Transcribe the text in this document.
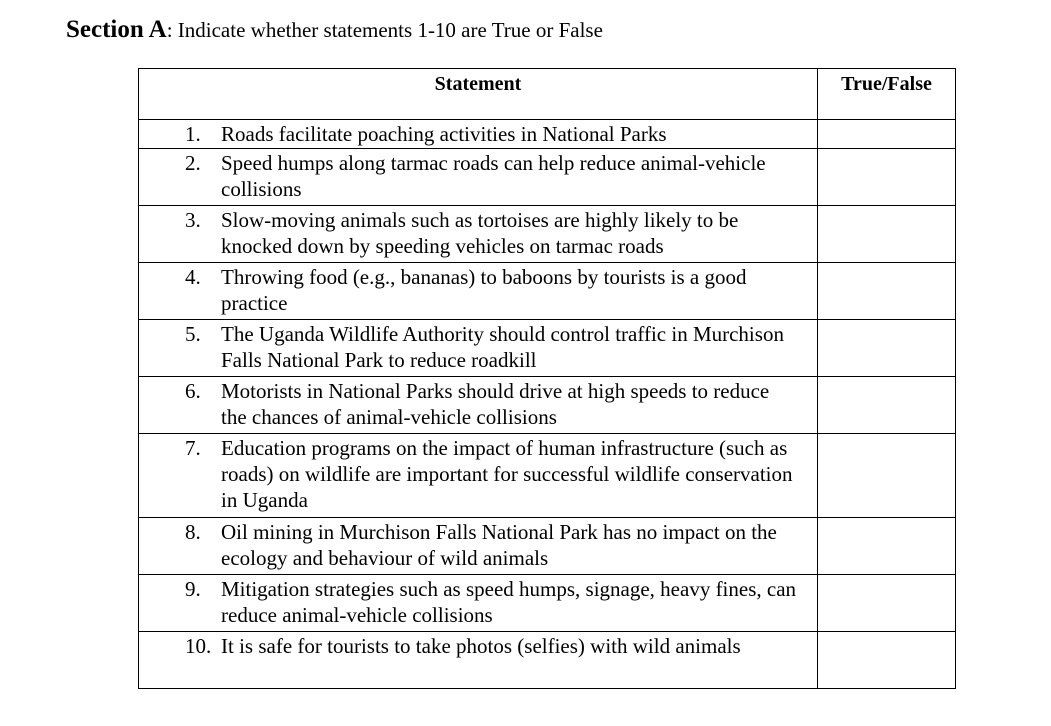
Section A: Indicate whether statements 1-10 are True or False
Statement	True/False

1. Roads facilitate poaching activities in National Parks	

2. Speed humps along tarmac roads can help reduce animal-vehicle collisions	

3. Slow-moving animals such as tortoises are highly likely to be knocked down by speeding vehicles on tarmac roads	

4. Throwing food (e.g., bananas) to baboons by tourists is a good practice	

5. The Uganda Wildlife Authority should control traffic in Murchison Falls National Park to reduce roadkill	

6. Motorists in National Parks should drive at high speeds to reduce the chances of animal-vehicle collisions	

7. Education programs on the impact of human infrastructure (such as roads) on wildlife are important for successful wildlife conservation in Uganda	

8. Oil mining in Murchison Falls National Park has no impact on the ecology and behaviour of wild animals	

9. Mitigation strategies such as speed humps, signage, heavy fines, can reduce animal-vehicle collisions	

10. It is safe for tourists to take photos (selfies) with wild animals	
